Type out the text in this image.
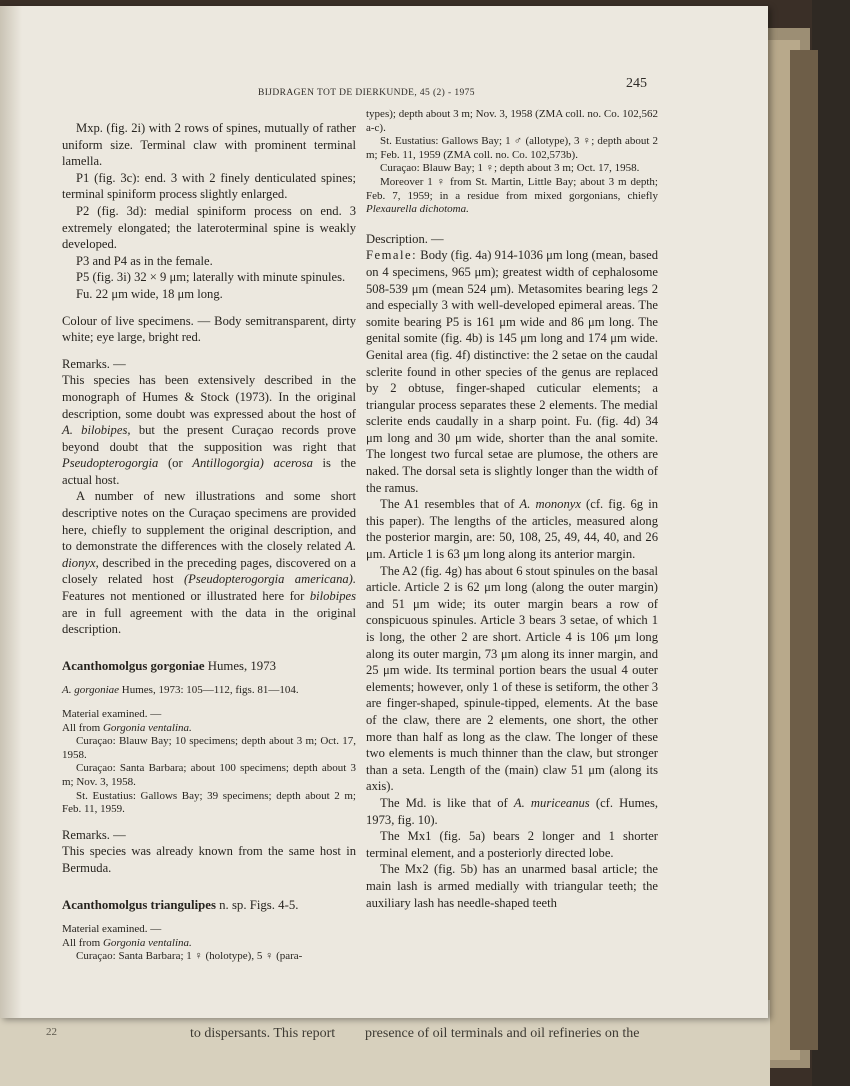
22	to dispersants. This report presence of oil terminals and oil refineries on the
BIJDRAGEN TOT DE DIERKUNDE, 45 (2) - 1975
245

Mxp. (fig. 2i) with 2 rows of spines, mutually of rather uniform size. Terminal claw with prominent terminal lamella.

P1 (fig. 3c): end. 3 with 2 finely denticulated spines; terminal spiniform process slightly enlarged.

P2 (fig. 3d): medial spiniform process on end. 3 extremely elongated; the lateroterminal spine is weakly developed.

P3 and P4 as in the female.

P5 (fig. 3i) 32 × 9 μm; laterally with minute spinules.

Fu. 22 μm wide, 18 μm long.

Colour of live specimens. — Body semitransparent, dirty white; eye large, bright red.

Remarks. —

This species has been extensively described in the monograph of Humes & Stock (1973). In the original description, some doubt was expressed about the host of A. bilobipes, but the present Curaçao records prove beyond doubt that the supposition was right that Pseudopterogorgia (or Antillogorgia) acerosa is the actual host.

A number of new illustrations and some short descriptive notes on the Curaçao specimens are provided here, chiefly to supplement the original description, and to demonstrate the differences with the closely related A. dionyx, described in the preceding pages, discovered on a closely related host (Pseudopterogorgia americana). Features not mentioned or illustrated here for bilobipes are in full agreement with the data in the original description.

Acanthomolgus gorgoniae Humes, 1973

A. gorgoniae Humes, 1973: 105—112, figs. 81—104.

Material examined. —

All from Gorgonia ventalina.

Curaçao: Blauw Bay; 10 specimens; depth about 3 m; Oct. 17, 1958.

Curaçao: Santa Barbara; about 100 specimens; depth about 3 m; Nov. 3, 1958.

St. Eustatius: Gallows Bay; 39 specimens; depth about 2 m; Feb. 11, 1959.

Remarks. —

This species was already known from the same host in Bermuda.

Acanthomolgus triangulipes n. sp. Figs. 4-5.

Material examined. —

All from Gorgonia ventalina.

Curaçao: Santa Barbara; 1 ♀ (holotype), 5 ♀ (para-

types); depth about 3 m; Nov. 3, 1958 (ZMA coll. no. Co. 102,562 a-c).

St. Eustatius: Gallows Bay; 1 ♂ (allotype), 3 ♀; depth about 2 m; Feb. 11, 1959 (ZMA coll. no. Co. 102,573b).

Curaçao: Blauw Bay; 1 ♀; depth about 3 m; Oct. 17, 1958.

Moreover 1 ♀ from St. Martin, Little Bay; about 3 m depth; Feb. 7, 1959; in a residue from mixed gorgonians, chiefly Plexaurella dichotoma.

Description. —

Female: Body (fig. 4a) 914-1036 μm long (mean, based on 4 specimens, 965 μm); greatest width of cephalosome 508-539 μm (mean 524 μm). Metasomites bearing legs 2 and especially 3 with well-developed epimeral areas. The somite bearing P5 is 161 μm wide and 86 μm long. The genital somite (fig. 4b) is 145 μm long and 174 μm wide. Genital area (fig. 4f) distinctive: the 2 setae on the caudal sclerite found in other species of the genus are replaced by 2 obtuse, finger-shaped cuticular elements; a triangular process separates these 2 elements. The medial sclerite ends caudally in a sharp point. Fu. (fig. 4d) 34 μm long and 30 μm wide, shorter than the anal somite. The longest two furcal setae are plumose, the others are naked. The dorsal seta is slightly longer than the width of the ramus.

The A1 resembles that of A. mononyx (cf. fig. 6g in this paper). The lengths of the articles, measured along the posterior margin, are: 50, 108, 25, 49, 44, 40, and 26 μm. Article 1 is 63 μm long along its anterior margin.

The A2 (fig. 4g) has about 6 stout spinules on the basal article. Article 2 is 62 μm long (along the outer margin) and 51 μm wide; its outer margin bears a row of conspicuous spinules. Article 3 bears 3 setae, of which 1 is long, the other 2 are short. Article 4 is 106 μm long along its outer margin, 73 μm along its inner margin, and 25 μm wide. Its terminal portion bears the usual 4 outer elements; however, only 1 of these is setiform, the other 3 are finger-shaped, spinule-tipped, elements. At the base of the claw, there are 2 elements, one short, the other more than half as long as the claw. The longer of these two elements is much thinner than the claw, but stronger than a seta. Length of the (main) claw 51 μm (along its axis).

The Md. is like that of A. muriceanus (cf. Humes, 1973, fig. 10).

The Mx1 (fig. 5a) bears 2 longer and 1 shorter terminal element, and a posteriorly directed lobe.

The Mx2 (fig. 5b) has an unarmed basal article; the main lash is armed medially with triangular teeth; the auxiliary lash has needle-shaped teeth
